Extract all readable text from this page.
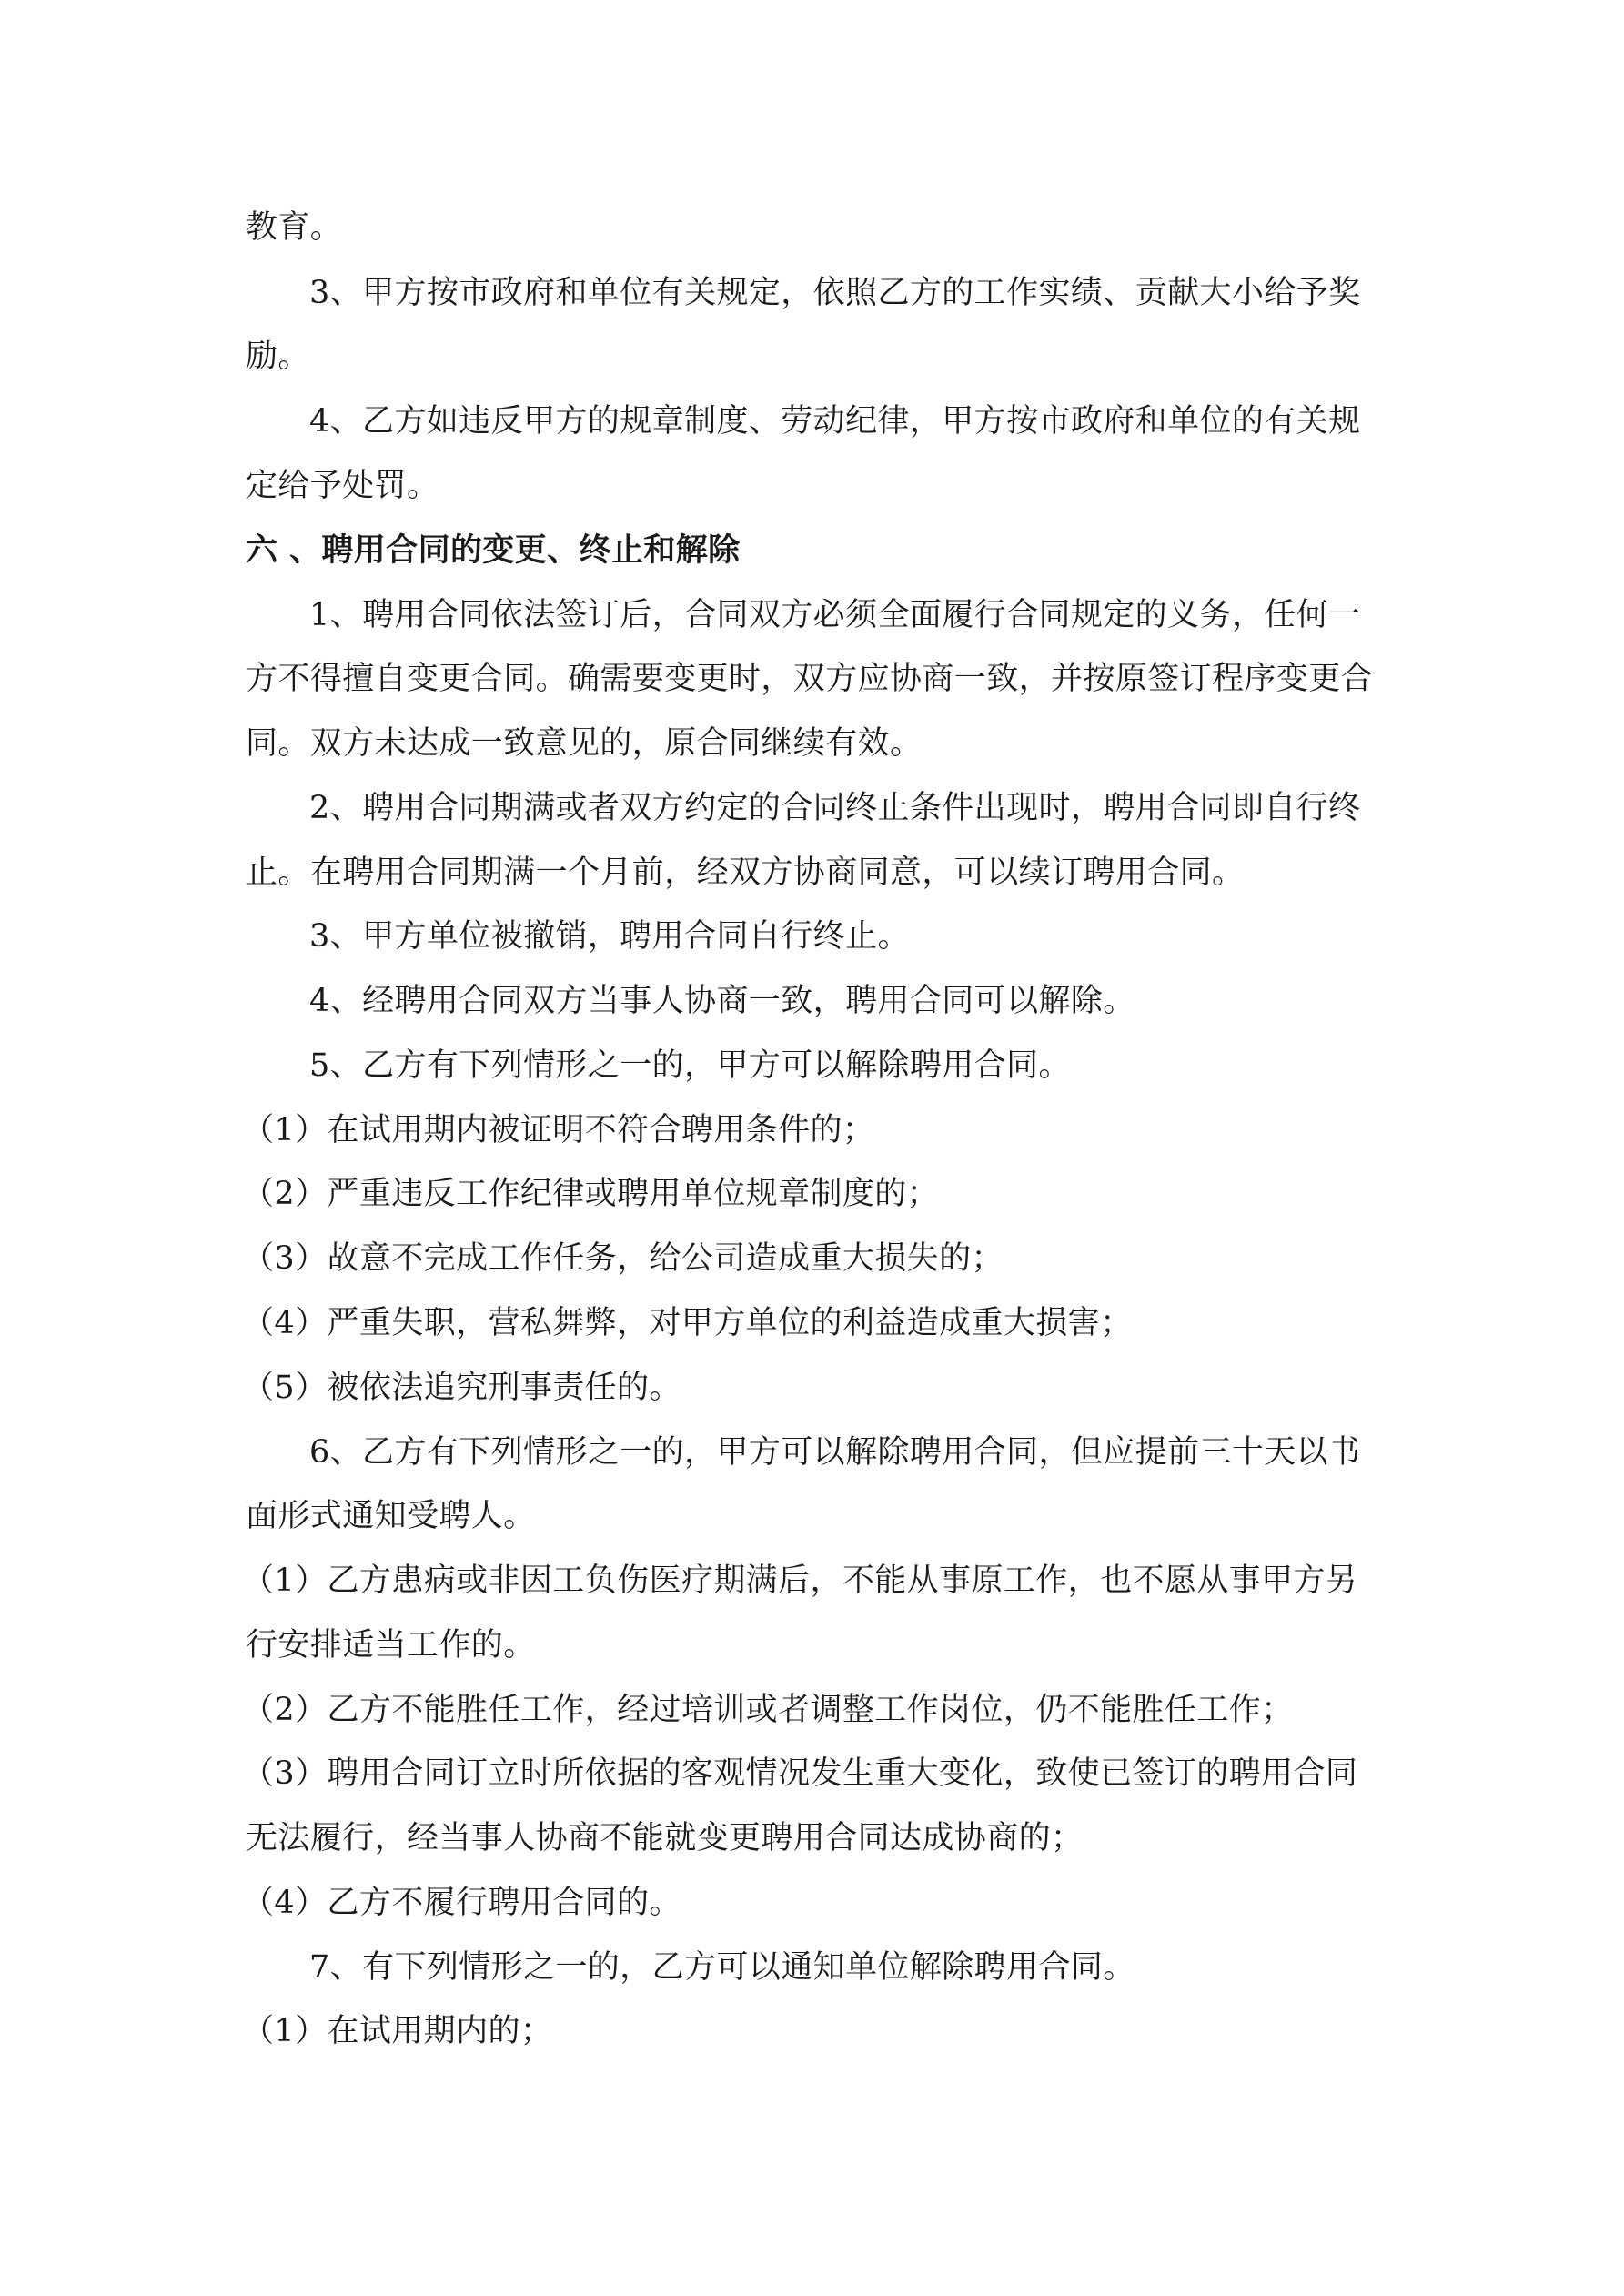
教育。
3、甲方按市政府和单位有关规定，依照乙方的工作实绩、贡献大小给予奖
励。
4、乙方如违反甲方的规章制度、劳动纪律，甲方按市政府和单位的有关规
定给予处罚。
六 、聘用合同的变更、终止和解除
1、聘用合同依法签订后，合同双方必须全面履行合同规定的义务，任何一
方不得擅自变更合同。确需要变更时，双方应协商一致，并按原签订程序变更合
同。双方未达成一致意见的，原合同继续有效。
2、聘用合同期满或者双方约定的合同终止条件出现时，聘用合同即自行终
止。在聘用合同期满一个月前，经双方协商同意，可以续订聘用合同。
3、甲方单位被撤销，聘用合同自行终止。
4、经聘用合同双方当事人协商一致，聘用合同可以解除。
5、乙方有下列情形之一的，甲方可以解除聘用合同。
（1）在试用期内被证明不符合聘用条件的；
（2）严重违反工作纪律或聘用单位规章制度的；
（3）故意不完成工作任务，给公司造成重大损失的；
（4）严重失职，营私舞弊，对甲方单位的利益造成重大损害；
（5）被依法追究刑事责任的。
6、乙方有下列情形之一的，甲方可以解除聘用合同，但应提前三十天以书
面形式通知受聘人。
（1）乙方患病或非因工负伤医疗期满后，不能从事原工作，也不愿从事甲方另
行安排适当工作的。
（2）乙方不能胜任工作，经过培训或者调整工作岗位，仍不能胜任工作；
（3）聘用合同订立时所依据的客观情况发生重大变化，致使已签订的聘用合同
无法履行，经当事人协商不能就变更聘用合同达成协商的；
（4）乙方不履行聘用合同的。
7、有下列情形之一的，乙方可以通知单位解除聘用合同。
（1）在试用期内的；
